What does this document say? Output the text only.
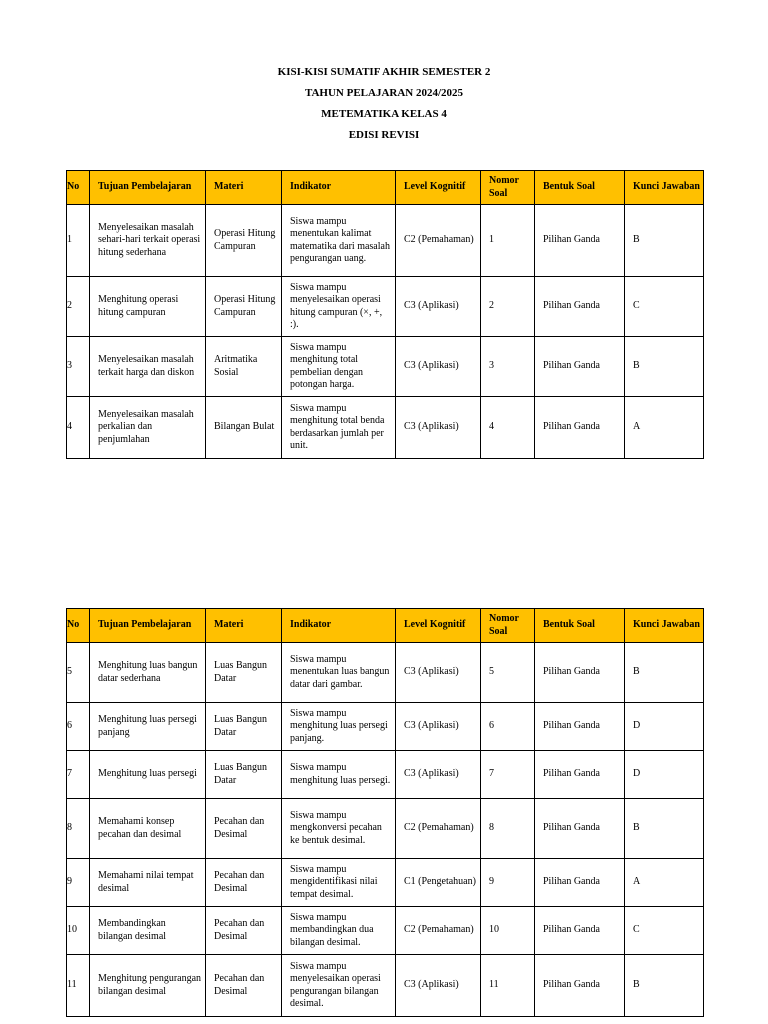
KISI-KISI SUMATIF AKHIR SEMESTER 2
TAHUN PELAJARAN 2024/2025
METEMATIKA KELAS 4
EDISI REVISI
No	Tujuan Pembelajaran	Materi	Indikator	Level Kognitif	Nomor Soal	Bentuk Soal	Kunci Jawaban
1	Menyelesaikan masalah sehari-hari terkait operasi hitung sederhana	Operasi Hitung Campuran	Siswa mampu menentukan kalimat matematika dari masalah pengurangan uang.	C2 (Pemahaman)	1	Pilihan Ganda	B
2	Menghitung operasi hitung campuran	Operasi Hitung Campuran	Siswa mampu menyelesaikan operasi hitung campuran (×, +, :).	C3 (Aplikasi)	2	Pilihan Ganda	C
3	Menyelesaikan masalah terkait harga dan diskon	Aritmatika Sosial	Siswa mampu menghitung total pembelian dengan potongan harga.	C3 (Aplikasi)	3	Pilihan Ganda	B
4	Menyelesaikan masalah perkalian dan penjumlahan	Bilangan Bulat	Siswa mampu menghitung total benda berdasarkan jumlah per unit.	C3 (Aplikasi)	4	Pilihan Ganda	A
No	Tujuan Pembelajaran	Materi	Indikator	Level Kognitif	Nomor Soal	Bentuk Soal	Kunci Jawaban
5	Menghitung luas bangun datar sederhana	Luas Bangun Datar	Siswa mampu menentukan luas bangun datar dari gambar.	C3 (Aplikasi)	5	Pilihan Ganda	B
6	Menghitung luas persegi panjang	Luas Bangun Datar	Siswa mampu menghitung luas persegi panjang.	C3 (Aplikasi)	6	Pilihan Ganda	D
7	Menghitung luas persegi	Luas Bangun Datar	Siswa mampu menghitung luas persegi.	C3 (Aplikasi)	7	Pilihan Ganda	D
8	Memahami konsep pecahan dan desimal	Pecahan dan Desimal	Siswa mampu mengkonversi pecahan ke bentuk desimal.	C2 (Pemahaman)	8	Pilihan Ganda	B
9	Memahami nilai tempat desimal	Pecahan dan Desimal	Siswa mampu mengidentifikasi nilai tempat desimal.	C1 (Pengetahuan)	9	Pilihan Ganda	A
10	Membandingkan bilangan desimal	Pecahan dan Desimal	Siswa mampu membandingkan dua bilangan desimal.	C2 (Pemahaman)	10	Pilihan Ganda	C
11	Menghitung pengurangan bilangan desimal	Pecahan dan Desimal	Siswa mampu menyelesaikan operasi pengurangan bilangan desimal.	C3 (Aplikasi)	11	Pilihan Ganda	B
